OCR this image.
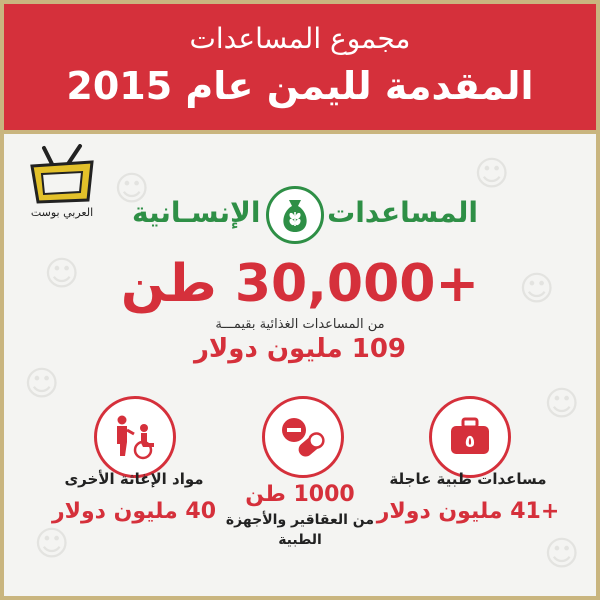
☺	☺
☺	☺
☺	☺
☺	☺
مجموع المساعدات
المقدمة لليمن عام 2015
العربي بوست	المساعدات
الإنسـانية
+30,000 طن
من المساعدات الغذائية بقيمـــة
109 مليون دولار
٥
مساعدات طبية عاجلة
+41 مليون دولار
1000 طن
من العقاقير والأجهزة الطبية
مواد الإغاثة الأخرى
40 مليون دولار
